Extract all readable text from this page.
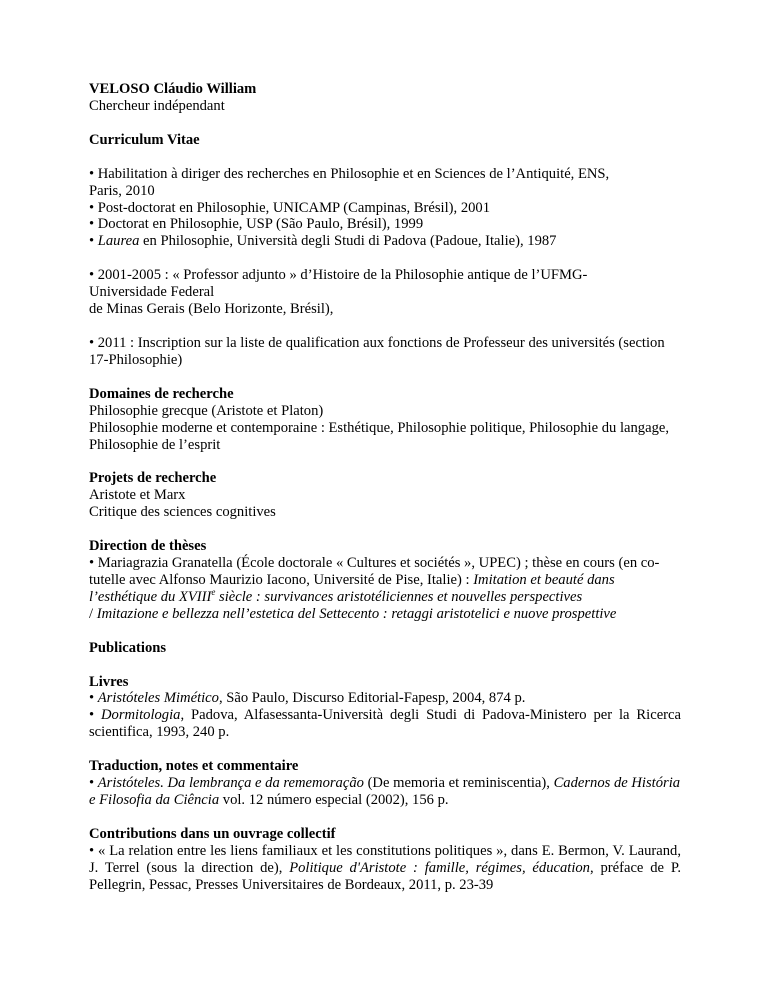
VELOSO Cláudio William
Chercheur indépendant
Curriculum Vitae
• Habilitation à diriger des recherches en Philosophie et en Sciences de l’Antiquité, ENS,
Paris, 2010
• Post-doctorat en Philosophie, UNICAMP (Campinas, Brésil), 2001
• Doctorat en Philosophie, USP (São Paulo, Brésil), 1999
• Laurea en Philosophie, Università degli Studi di Padova (Padoue, Italie), 1987
• 2001-2005 : « Professor adjunto » d’Histoire de la Philosophie antique de l’UFMG-
Universidade Federal
de Minas Gerais (Belo Horizonte, Brésil),
• 2011 : Inscription sur la liste de qualification aux fonctions de Professeur des universités (section 17-Philosophie)
Domaines de recherche
Philosophie grecque (Aristote et Platon)
Philosophie moderne et contemporaine : Esthétique, Philosophie politique, Philosophie du langage, Philosophie de l’esprit
Projets de recherche
Aristote et Marx
Critique des sciences cognitives
Direction de thèses
• Mariagrazia Granatella (École doctorale « Cultures et sociétés », UPEC) ; thèse en cours (en co-tutelle avec Alfonso Maurizio Iacono, Université de Pise, Italie) : Imitation et beauté dans l’esthétique du XVIIIe siècle : survivances aristotéliciennes et nouvelles perspectives
/ Imitazione e bellezza nell’estetica del Settecento : retaggi aristotelici e nuove prospettive
Publications
Livres
• Aristóteles Mimético, São Paulo, Discurso Editorial-Fapesp, 2004, 874 p.
• Dormitologia, Padova, Alfasessanta-Università degli Studi di Padova-Ministero per la Ricerca scientifica, 1993, 240 p.
Traduction, notes et commentaire
• Aristóteles. Da lembrança e da rememoração (De memoria et reminiscentia), Cadernos de História e Filosofia da Ciência vol. 12 número especial (2002), 156 p.
Contributions dans un ouvrage collectif
• « La relation entre les liens familiaux et les constitutions politiques », dans E. Bermon, V. Laurand, J. Terrel (sous la direction de), Politique d'Aristote : famille, régimes, éducation, préface de P. Pellegrin, Pessac, Presses Universitaires de Bordeaux, 2011, p. 23-39
